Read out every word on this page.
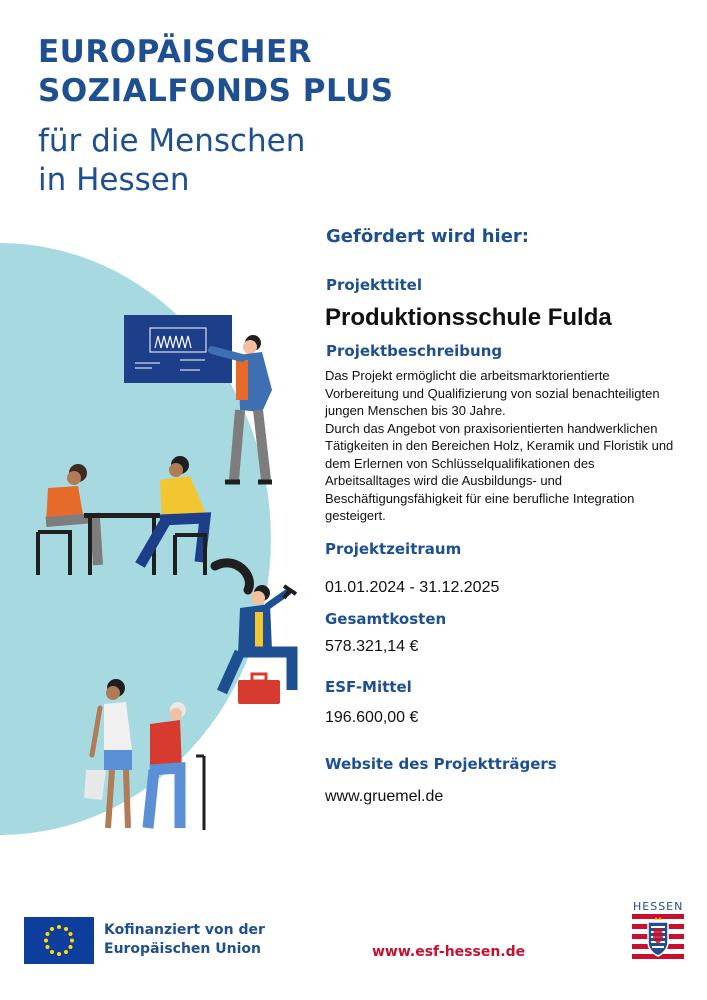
EUROPÄISCHER
SOZIALFONDS PLUS
für die Menschen
in Hessen
Gefördert wird hier:
Projekttitel
Produktionsschule Fulda
Projektbeschreibung
Das Projekt ermöglicht die arbeitsmarktorientierte
Vorbereitung und Qualifizierung von sozial benachteiligten
jungen Menschen bis 30 Jahre.
Durch das Angebot von praxisorientierten handwerklichen
Tätigkeiten in den Bereichen Holz, Keramik und Floristik und
dem Erlernen von Schlüsselqualifikationen des
Arbeitsalltages wird die Ausbildungs- und
Beschäftigungsfähigkeit für eine berufliche Integration
gesteigert.
Projektzeitraum
01.01.2024 - 31.12.2025
Gesamtkosten
578.321,14 €
ESF-Mittel
196.600,00 €
Website des Projektträgers
www.gruemel.de
Kofinanziert von der
Europäischen Union	www.esf-hessen.de
HESSEN
